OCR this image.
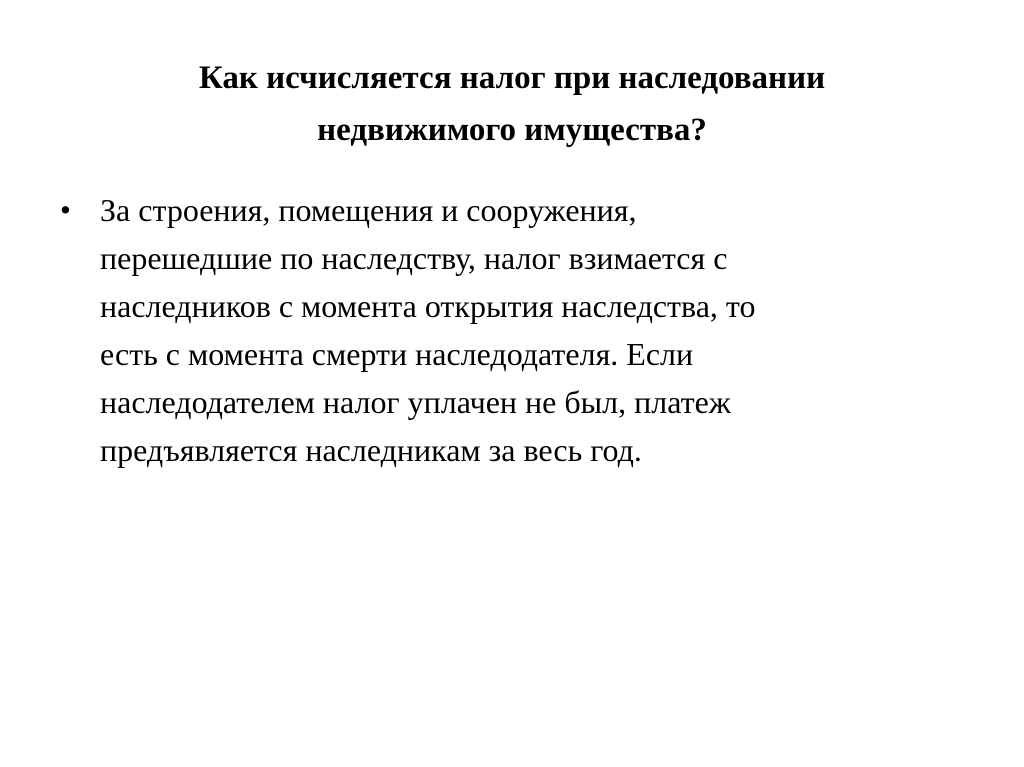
Как исчисляется налог при наследовании
недвижимого имущества?
• За строения, помещения и сооружения,
перешедшие по наследству, налог взимается с
наследников с момента открытия наследства, то
есть с момента смерти наследодателя. Если
наследодателем налог уплачен не был, платеж
предъявляется наследникам за весь год.
